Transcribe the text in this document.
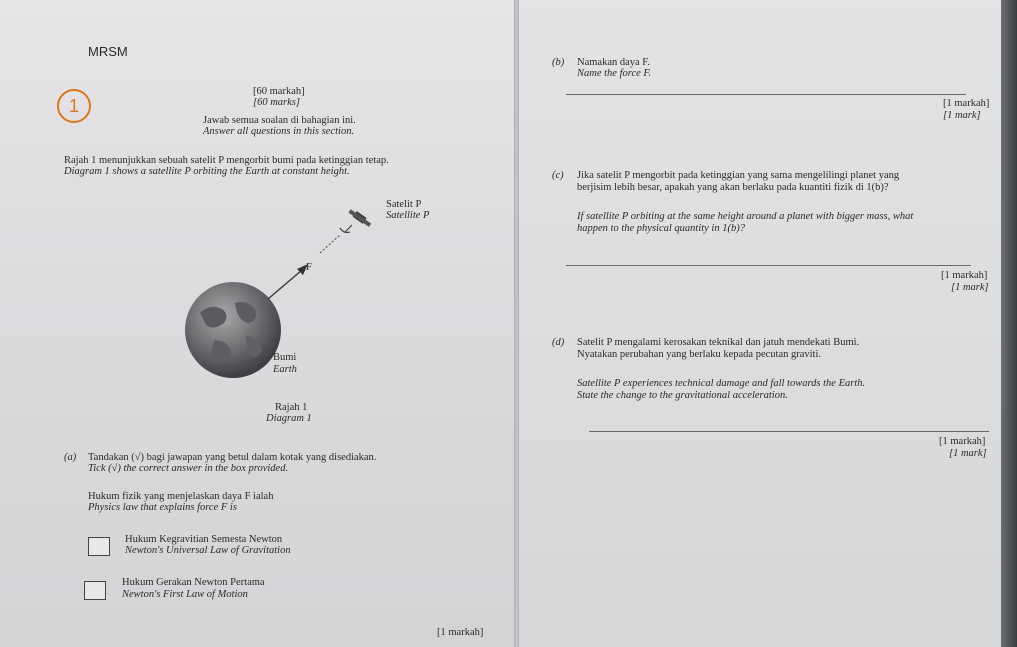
MRSM
1
[60 markah]
[60 marks]
Jawab semua soalan di bahagian ini.
Answer all questions in this section.
Rajah 1 menunjukkan sebuah satelit P mengorbit bumi pada ketinggian tetap.
Diagram 1 shows a satellite P orbiting the Earth at constant height.
Satelit P
Satellite P
F
Bumi
Earth
Rajah 1
Diagram 1
(a) Tandakan (√) bagi jawapan yang betul dalam kotak yang disediakan.
Tick (√) the correct answer in the box provided.
Hukum fizik yang menjelaskan daya F ialah
Physics law that explains force F is
Hukum Kegravitian Semesta Newton
Newton's Universal Law of Gravitation
Hukum Gerakan Newton Pertama
Newton's First Law of Motion
[1 markah]
(b) Namakan daya F.
Name the force F.
[1 markah]
[1 mark]
(c) Jika satelit P mengorbit pada ketinggian yang sama mengelilingi planet yang
berjisim lebih besar, apakah yang akan berlaku pada kuantiti fizik di 1(b)?
If satellite P orbiting at the same height around a planet with bigger mass, what
happen to the physical quantity in 1(b)?
[1 markah]
[1 mark]
(d) Satelit P mengalami kerosakan teknikal dan jatuh mendekati Bumi.
Nyatakan perubahan yang berlaku kepada pecutan graviti.
Satellite P experiences technical damage and fall towards the Earth.
State the change to the gravitational acceleration.
[1 markah]
[1 mark]
